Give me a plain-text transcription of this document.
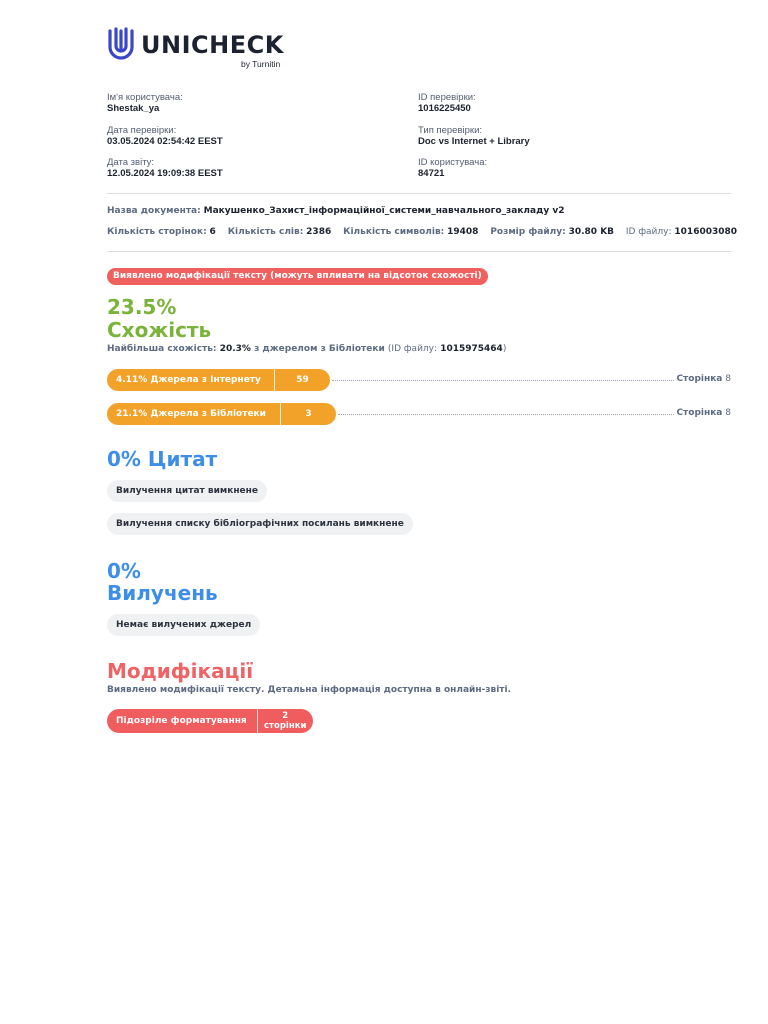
UNICHECK
by Turnitin
Ім'я користувача:
Shestak_ya
Дата перевірки:
03.05.2024 02:54:42 EEST
Дата звіту:
12.05.2024 19:09:38 EEST
ID перевірки:
1016225450
Тип перевірки:
Doc vs Internet + Library
ID користувача:
84721
Назва документа: Макушенко_Захист_інформаційної_системи_навчального_закладу v2
Кількість сторінок: 6 Кількість слів: 2386 Кількість символів: 19408 Розмір файлу: 30.80 KB ID файлу: 1016003080
Виявлено модифікації тексту (можуть впливати на відсоток схожості)
23.5%
Схожість
Найбільша схожість: 20.3% з джерелом з Бібліотеки (ID файлу: 1015975464)
4.11% Джерела з Інтернету	59	Сторінка 8
21.1% Джерела з Бібліотеки	3	Сторінка 8
0% Цитат
Вилучення цитат вимкнене
Вилучення списку бібліографічних посилань вимкнене
0%
Вилучень
Немає вилучених джерел
Модифікації
Виявлено модифікації тексту. Детальна інформація доступна в онлайн-звіті.
Підозріле форматування	2
сторінки
